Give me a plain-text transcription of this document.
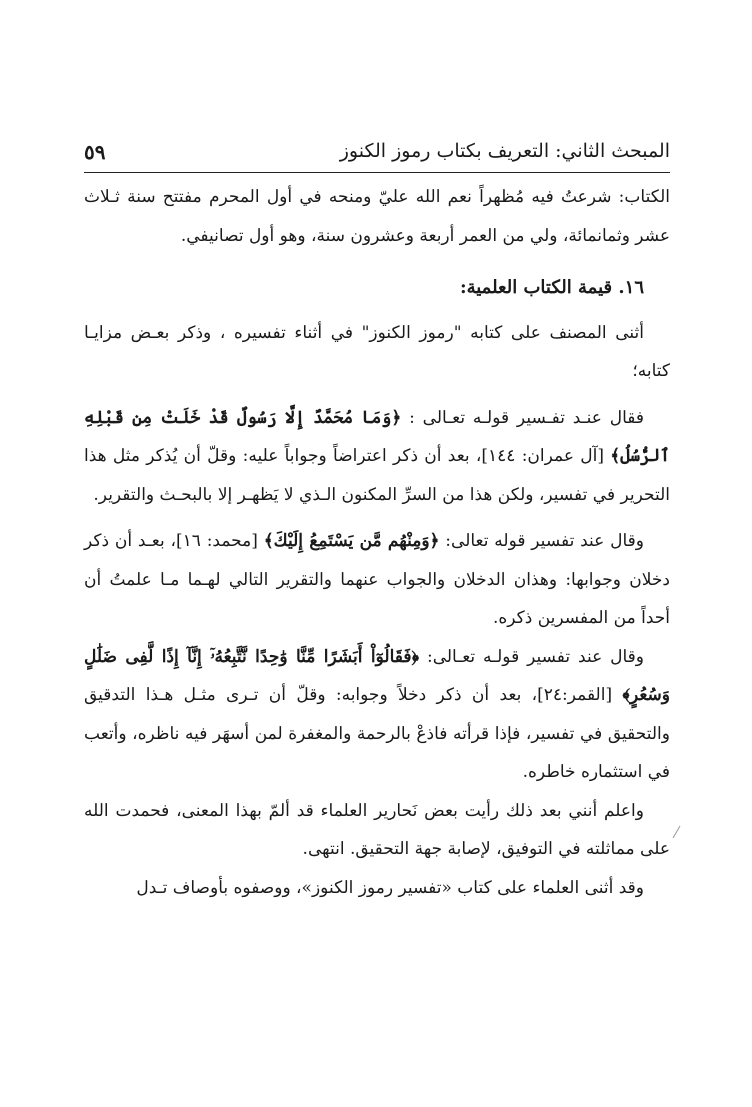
المبحث الثاني: التعريف بكتاب رموز الكنوز
٥٩

الكتاب: شرعتُ فيه مُظهراً نعم الله عليّ ومنحه في أول المحرم مفتتح سنة ثـلاث عشر وثمانمائة، ولي من العمر أربعة وعشرون سنة، وهو أول تصانيفي.

١٦. قيمة الكتاب العلمية:

أثنى المصنف على كتابه "رموز الكنوز" في أثناء تفسيره ، وذكر بعـض مزايـا كتابه؛

فقال عنـد تفـسير قولـه تعـالى : ﴿وَمَا مُحَمَّدٌ إِلَّا رَسُولٌ قَدْ خَلَتْ مِن قَبْلِهِ ٱلرُّسُلُ﴾ [آل عمران: ١٤٤]، بعد أن ذكر اعتراضاً وجواباً عليه: وقلّ أن يُذكر مثل هذا التحرير في تفسير، ولكن هذا من السرِّ المكنون الـذي لا يَظهـر إلا بالبحـث والتقرير.

وقال عند تفسير قوله تعالى: ﴿وَمِنْهُم مَّن يَسْتَمِعُ إِلَيْكَ﴾ [محمد: ١٦]، بعـد أن ذكر دخلان وجوابها: وهذان الدخلان والجواب عنهما والتقرير التالي لهـما مـا علمتُ أن أحداً من المفسرين ذكره.

وقال عند تفسير قولـه تعـالى: ﴿فَقَالُوٓاْ أَبَشَرًا مِّنَّا وَٰحِدًا نَّتَّبِعُهُۥٓ إِنَّآ إِذًا لَّفِى ضَلَٰلٍ وَسُعُرٍ﴾ [القمر:٢٤]، بعد أن ذكر دخلاً وجوابه: وقلّ أن تـرى مثـل هـذا التدقيق والتحقيق في تفسير، فإذا قرأته فاذعْ بالرحمة والمغفرة لمن أسهَر فيه ناظره، وأتعب في استثماره خاطره.

واعلم أنني بعد ذلك رأيت بعض نَحارير العلماء قد ألمّ بهذا المعنى، فحمدت الله على مماثلته في التوفيق، لإصابة جهة التحقيق. انتهى.

وقد أثنى العلماء على كتاب «تفسير رموز الكنوز»، ووصفوه بأوصاف تـدل
